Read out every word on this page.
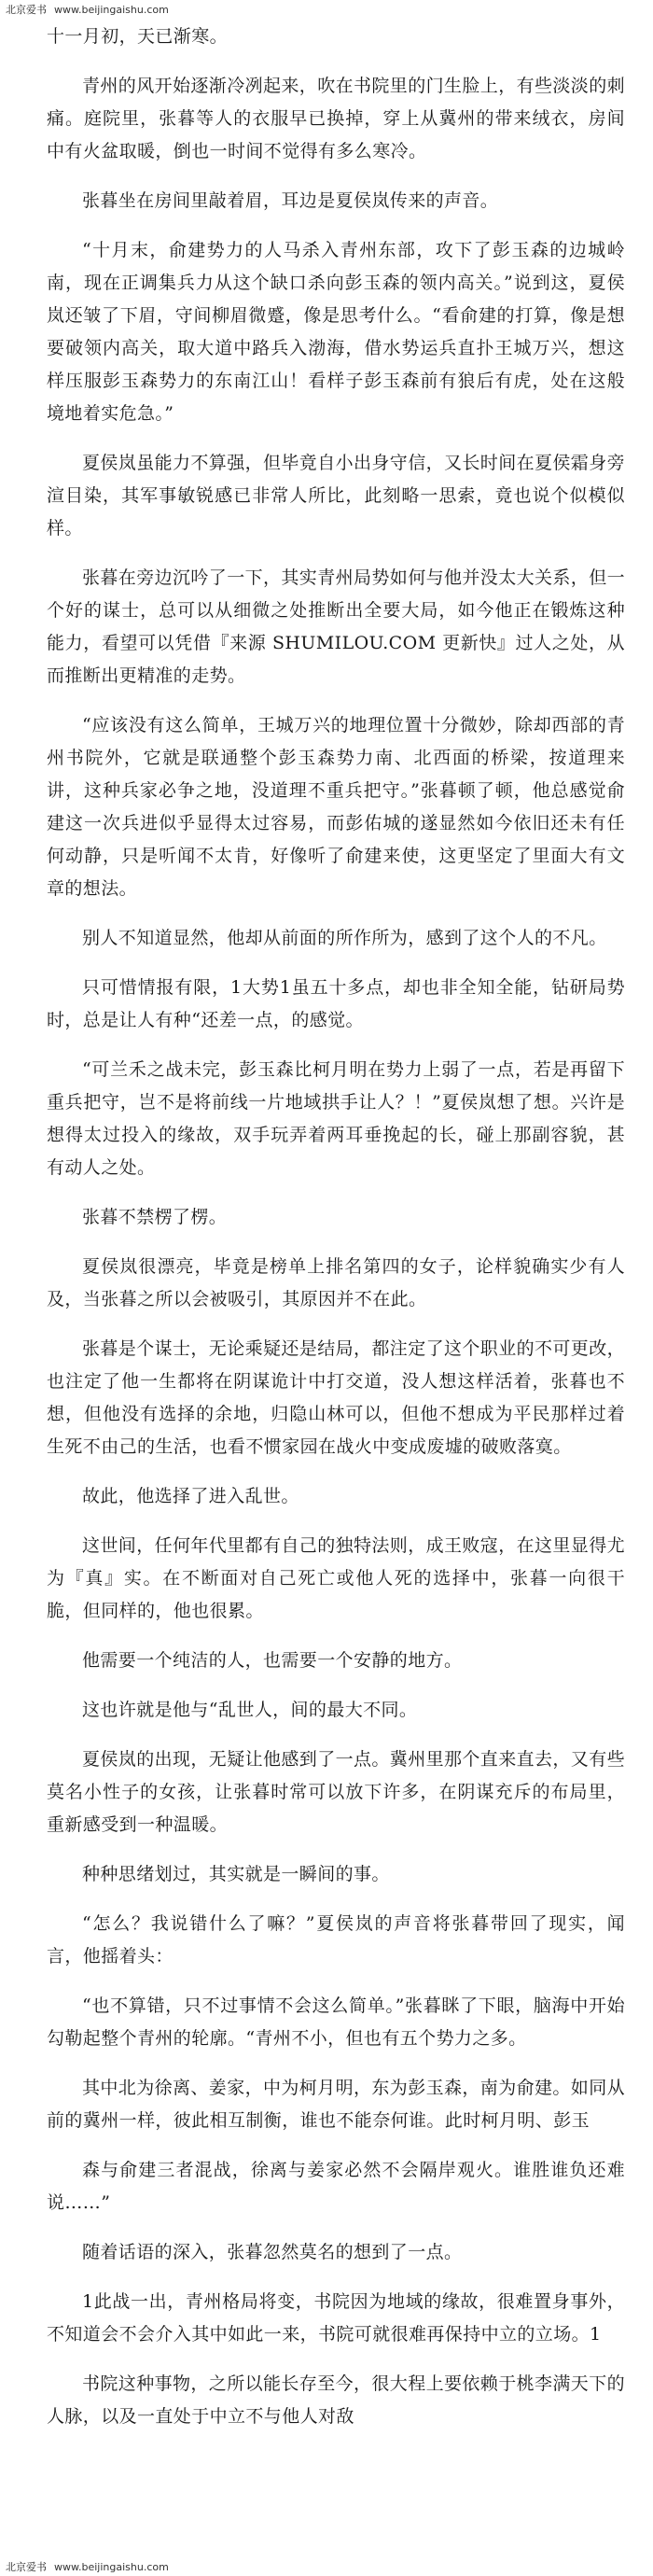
北京爱书 www.beijingaishu.com

十一月初，天已渐寒。

青州的风开始逐渐冷冽起来，吹在书院里的门生脸上，有些淡淡的刺痛。庭院里，张暮等人的衣服早已换掉，穿上从冀州的带来绒衣，房间中有火盆取暖，倒也一时间不觉得有多么寒冷。

张暮坐在房间里敲着眉，耳边是夏侯岚传来的声音。

“十月末，俞建势力的人马杀入青州东部，攻下了彭玉森的边城岭南，现在正调集兵力从这个缺口杀向彭玉森的领内高关。”说到这，夏侯岚还皱了下眉，守间柳眉微蹙，像是思考什么。“看俞建的打算，像是想要破领内高关，取大道中路兵入渤海，借水势运兵直扑王城万兴，想这样压服彭玉森势力的东南江山！看样子彭玉森前有狼后有虎，处在这般境地着实危急。”

夏侯岚虽能力不算强，但毕竟自小出身守信，又长时间在夏侯霜身旁渲目染，其军事敏锐感已非常人所比，此刻略一思索，竟也说个似模似样。

张暮在旁边沉吟了一下，其实青州局势如何与他并没太大关系，但一个好的谋士，总可以从细微之处推断出全要大局，如今他正在锻炼这种能力，看望可以凭借『来源 SHUMILOU.COM 更新快』过人之处，从而推断出更精准的走势。

“应该没有这么简单，王城万兴的地理位置十分微妙，除却西部的青州书院外，它就是联通整个彭玉森势力南、北西面的桥梁，按道理来讲，这种兵家必争之地，没道理不重兵把守。”张暮顿了顿，他总感觉俞建这一次兵进似乎显得太过容易，而彭佑城的遂显然如今依旧还未有任何动静，只是听闻不太肯，好像听了俞建来使，这更坚定了里面大有文章的想法。

别人不知道显然，他却从前面的所作所为，感到了这个人的不凡。

只可惜情报有限，1大势1虽五十多点，却也非全知全能，钻研局势时，总是让人有种“还差一点，的感觉。

“可兰禾之战未完，彭玉森比柯月明在势力上弱了一点，若是再留下重兵把守，岂不是将前线一片地域拱手让人？！”夏侯岚想了想。兴许是想得太过投入的缘故，双手玩弄着两耳垂挽起的长，碰上那副容貌，甚有动人之处。

张暮不禁楞了楞。

夏侯岚很漂亮，毕竟是榜单上排名第四的女子，论样貌确实少有人及，当张暮之所以会被吸引，其原因并不在此。

张暮是个谋士，无论乘疑还是结局，都注定了这个职业的不可更改，也注定了他一生都将在阴谋诡计中打交道，没人想这样活着，张暮也不想，但他没有选择的余地，归隐山林可以，但他不想成为平民那样过着生死不由己的生活，也看不惯家园在战火中变成废墟的破败落寞。

故此，他选择了进入乱世。

这世间，任何年代里都有自己的独特法则，成王败寇，在这里显得尤为『真』实。在不断面对自己死亡或他人死的选择中，张暮一向很干脆，但同样的，他也很累。

他需要一个纯洁的人，也需要一个安静的地方。

这也许就是他与“乱世人，间的最大不同。

夏侯岚的出现，无疑让他感到了一点。冀州里那个直来直去，又有些莫名小性子的女孩，让张暮时常可以放下许多，在阴谋充斥的布局里，重新感受到一种温暖。

种种思绪划过，其实就是一瞬间的事。

“怎么？我说错什么了嘛？”夏侯岚的声音将张暮带回了现实，闻言，他摇着头：

“也不算错，只不过事情不会这么简单。”张暮眯了下眼，脑海中开始勾勒起整个青州的轮廓。“青州不小，但也有五个势力之多。

其中北为徐离、姜家，中为柯月明，东为彭玉森，南为俞建。如同从前的冀州一样，彼此相互制衡，谁也不能奈何谁。此时柯月明、彭玉

森与俞建三者混战，徐离与姜家必然不会隔岸观火。谁胜谁负还难说……”

随着话语的深入，张暮忽然莫名的想到了一点。

1此战一出，青州格局将变，书院因为地域的缘故，很难置身事外，不知道会不会介入其中如此一来，书院可就很难再保持中立的立场。1

书院这种事物，之所以能长存至今，很大程上要依赖于桃李满天下的人脉，以及一直处于中立不与他人对敌

北京爱书 www.beijingaishu.com
